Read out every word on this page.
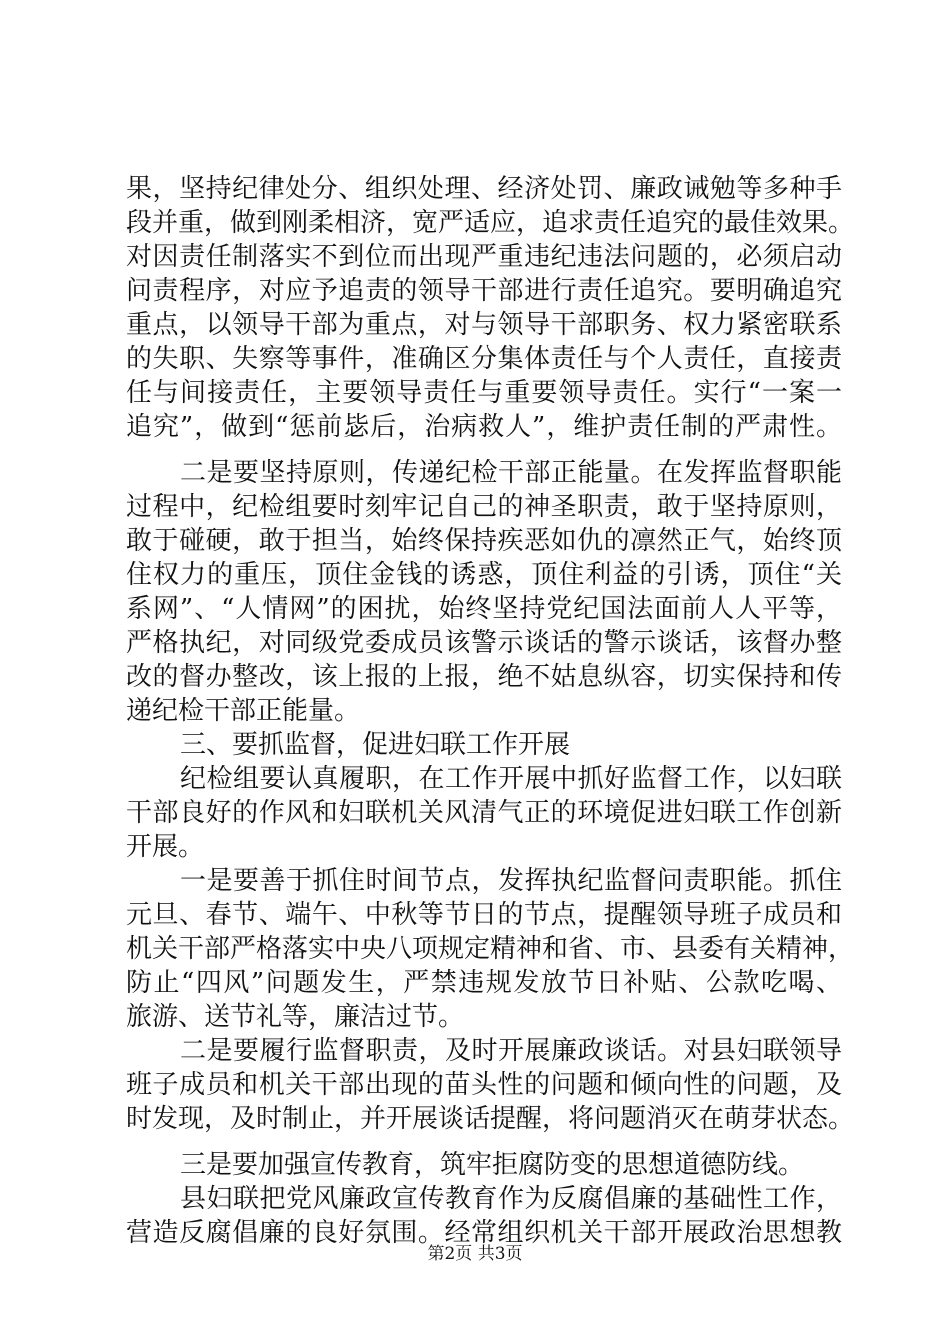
果，坚持纪律处分、组织处理、经济处罚、廉政诫勉等多种手
段并重，做到刚柔相济，宽严适应，追求责任追究的最佳效果。
对因责任制落实不到位而出现严重违纪违法问题的，必须启动
问责程序，对应予追责的领导干部进行责任追究。要明确追究
重点，以领导干部为重点，对与领导干部职务、权力紧密联系
的失职、失察等事件，准确区分集体责任与个人责任，直接责
任与间接责任，主要领导责任与重要领导责任。实行“一案一
追究”，做到“惩前毖后，治病救人”，维护责任制的严肃性。
二是要坚持原则，传递纪检干部正能量。在发挥监督职能
过程中，纪检组要时刻牢记自己的神圣职责，敢于坚持原则，
敢于碰硬，敢于担当，始终保持疾恶如仇的凛然正气，始终顶
住权力的重压，顶住金钱的诱惑，顶住利益的引诱，顶住“关
系网”、“人情网”的困扰，始终坚持党纪国法面前人人平等，
严格执纪，对同级党委成员该警示谈话的警示谈话，该督办整
改的督办整改，该上报的上报，绝不姑息纵容，切实保持和传
递纪检干部正能量。
三、要抓监督，促进妇联工作开展
纪检组要认真履职，在工作开展中抓好监督工作，以妇联
干部良好的作风和妇联机关风清气正的环境促进妇联工作创新
开展。
一是要善于抓住时间节点，发挥执纪监督问责职能。抓住
元旦、春节、端午、中秋等节日的节点，提醒领导班子成员和
机关干部严格落实中央八项规定精神和省、市、县委有关精神，
防止“四风”问题发生，严禁违规发放节日补贴、公款吃喝、
旅游、送节礼等，廉洁过节。
二是要履行监督职责，及时开展廉政谈话。对县妇联领导
班子成员和机关干部出现的苗头性的问题和倾向性的问题，及
时发现，及时制止，并开展谈话提醒，将问题消灭在萌芽状态。
三是要加强宣传教育，筑牢拒腐防变的思想道德防线。
县妇联把党风廉政宣传教育作为反腐倡廉的基础性工作，
营造反腐倡廉的良好氛围。经常组织机关干部开展政治思想教
第2页 共3页
